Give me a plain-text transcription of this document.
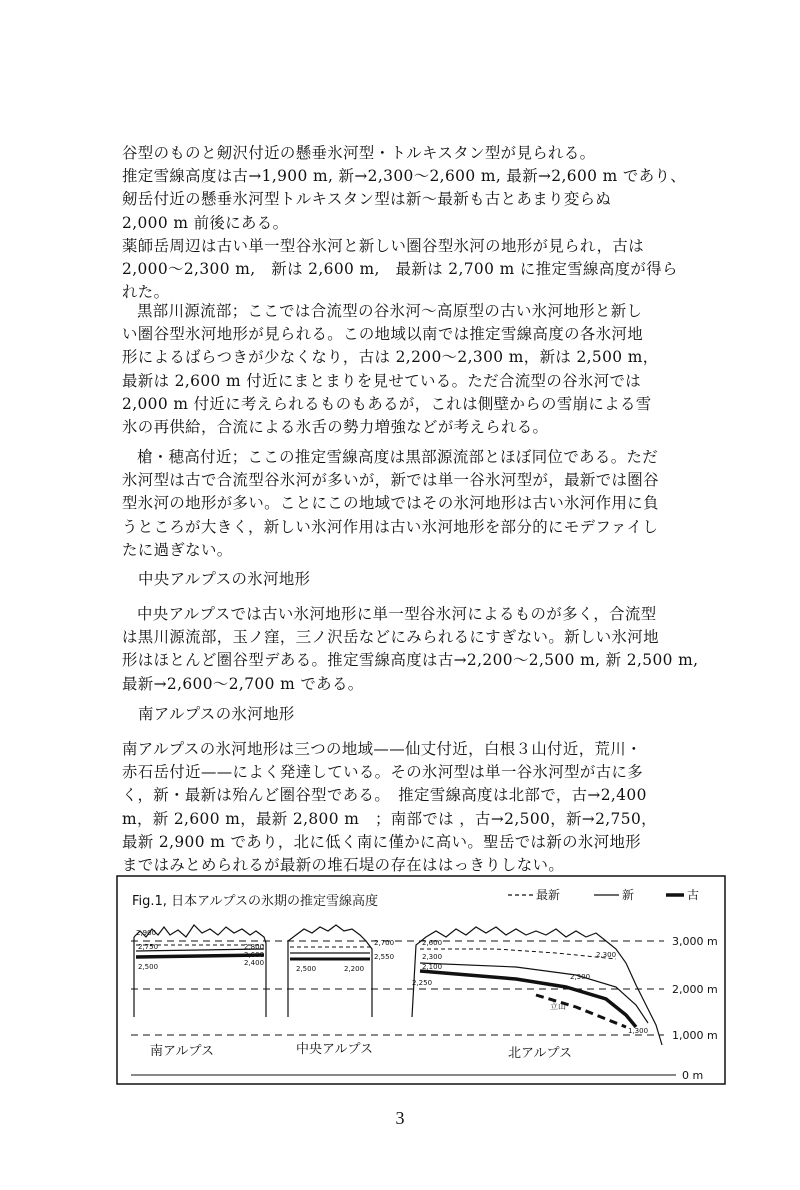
谷型のものと剱沢付近の懸垂氷河型・トルキスタン型が見られる。
推定雪線高度は古→1,900 m, 新→2,300～2,600 m, 最新→2,600 m であり、
剱岳付近の懸垂氷河型トルキスタン型は新～最新も古とあまり変らぬ
2,000 m 前後にある。
薬師岳周辺は古い単一型谷氷河と新しい圏谷型氷河の地形が見られ，古は
2,000～2,300 m,　新は 2,600 m,　最新は 2,700 m に推定雪線高度が得ら
れた。
黒部川源流部；ここでは合流型の谷氷河～高原型の古い氷河地形と新し
い圏谷型氷河地形が見られる。この地域以南では推定雪線高度の各氷河地
形によるばらつきが少なくなり，古は 2,200～2,300 m，新は 2,500 m，
最新は 2,600 m 付近にまとまりを見せている。ただ合流型の谷氷河では
2,000 m 付近に考えられるものもあるが，これは側壁からの雪崩による雪
氷の再供給，合流による氷舌の勢力増強などが考えられる。
槍・穂高付近；ここの推定雪線高度は黒部源流部とほぼ同位である。ただ
氷河型は古で合流型谷氷河が多いが，新では単一谷氷河型が，最新では圏谷
型氷河の地形が多い。ことにこの地域ではその氷河地形は古い氷河作用に負
うところが大きく，新しい氷河作用は古い氷河地形を部分的にモデファイし
たに過ぎない。
中央アルプスの氷河地形
中央アルプスでは古い氷河地形に単一型谷氷河によるものが多く，合流型
は黒川源流部，玉ノ窪，三ノ沢岳などにみられるにすぎない。新しい氷河地
形はほとんど圏谷型デある。推定雪線高度は古→2,200～2,500 m, 新 2,500 m,
最新→2,600～2,700 m である。
南アルプスの氷河地形
南アルプスの氷河地形は三つの地域——仙丈付近，白根３山付近，荒川・
赤石岳付近——によく発達している。その氷河型は単一谷氷河型が古に多
く，新・最新は殆んど圏谷型である。　推定雪線高度は北部で，古→2,400
m，新 2,600 m，最新 2,800 m　；南部では ，古→2,500，新→2,750，
最新 2,900 m であり，北に低く南に僅かに高い。聖岳では新の氷河地形
まではみとめられるが最新の堆石堤の存在ははっきりしない。
Fig.1, 日本アルプスの氷期の推定雪線高度	最新	新	古
3,000 m
2,000 m
1,000 m
0 m
2,900
2,750
2,500	2,400
2,600
2,800	2,700
2,550
2,500	2,200
2,600
2,300
2,100
2,250
2,300
2,300
1,300
立山
南アルプス	中央アルプス	北アルプス
3
